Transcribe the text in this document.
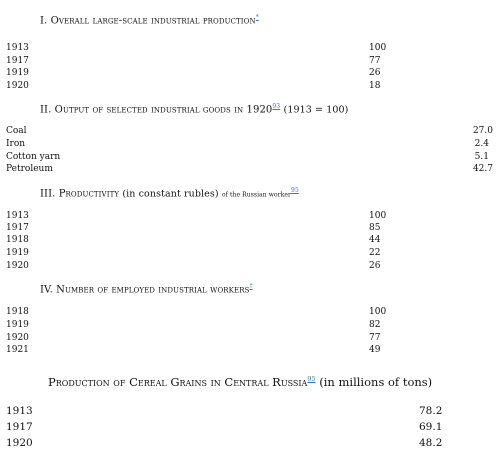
I. Overall large-scale industrial production*
1913	100
1917	77
1919	26
1920	18
II. Output of selected industrial goods in 1920$^{93}$ (1913 = 100)
Coal	27.0
Iron	2.4
Cotton yarn	5.1
Petroleum	42.7
III. Productivity (in constant rubles) of the Russian worker$^{95}$
1913	100
1917	85
1918	44
1919	22
1920	26
IV. Number of employed industrial workers†
1918	100
1919	82
1920	77
1921	49
Production of Cereal Grains in Central Russia$^{95}$ (in millions of tons)
1913	78.2
1917	69.1
1920	48.2
